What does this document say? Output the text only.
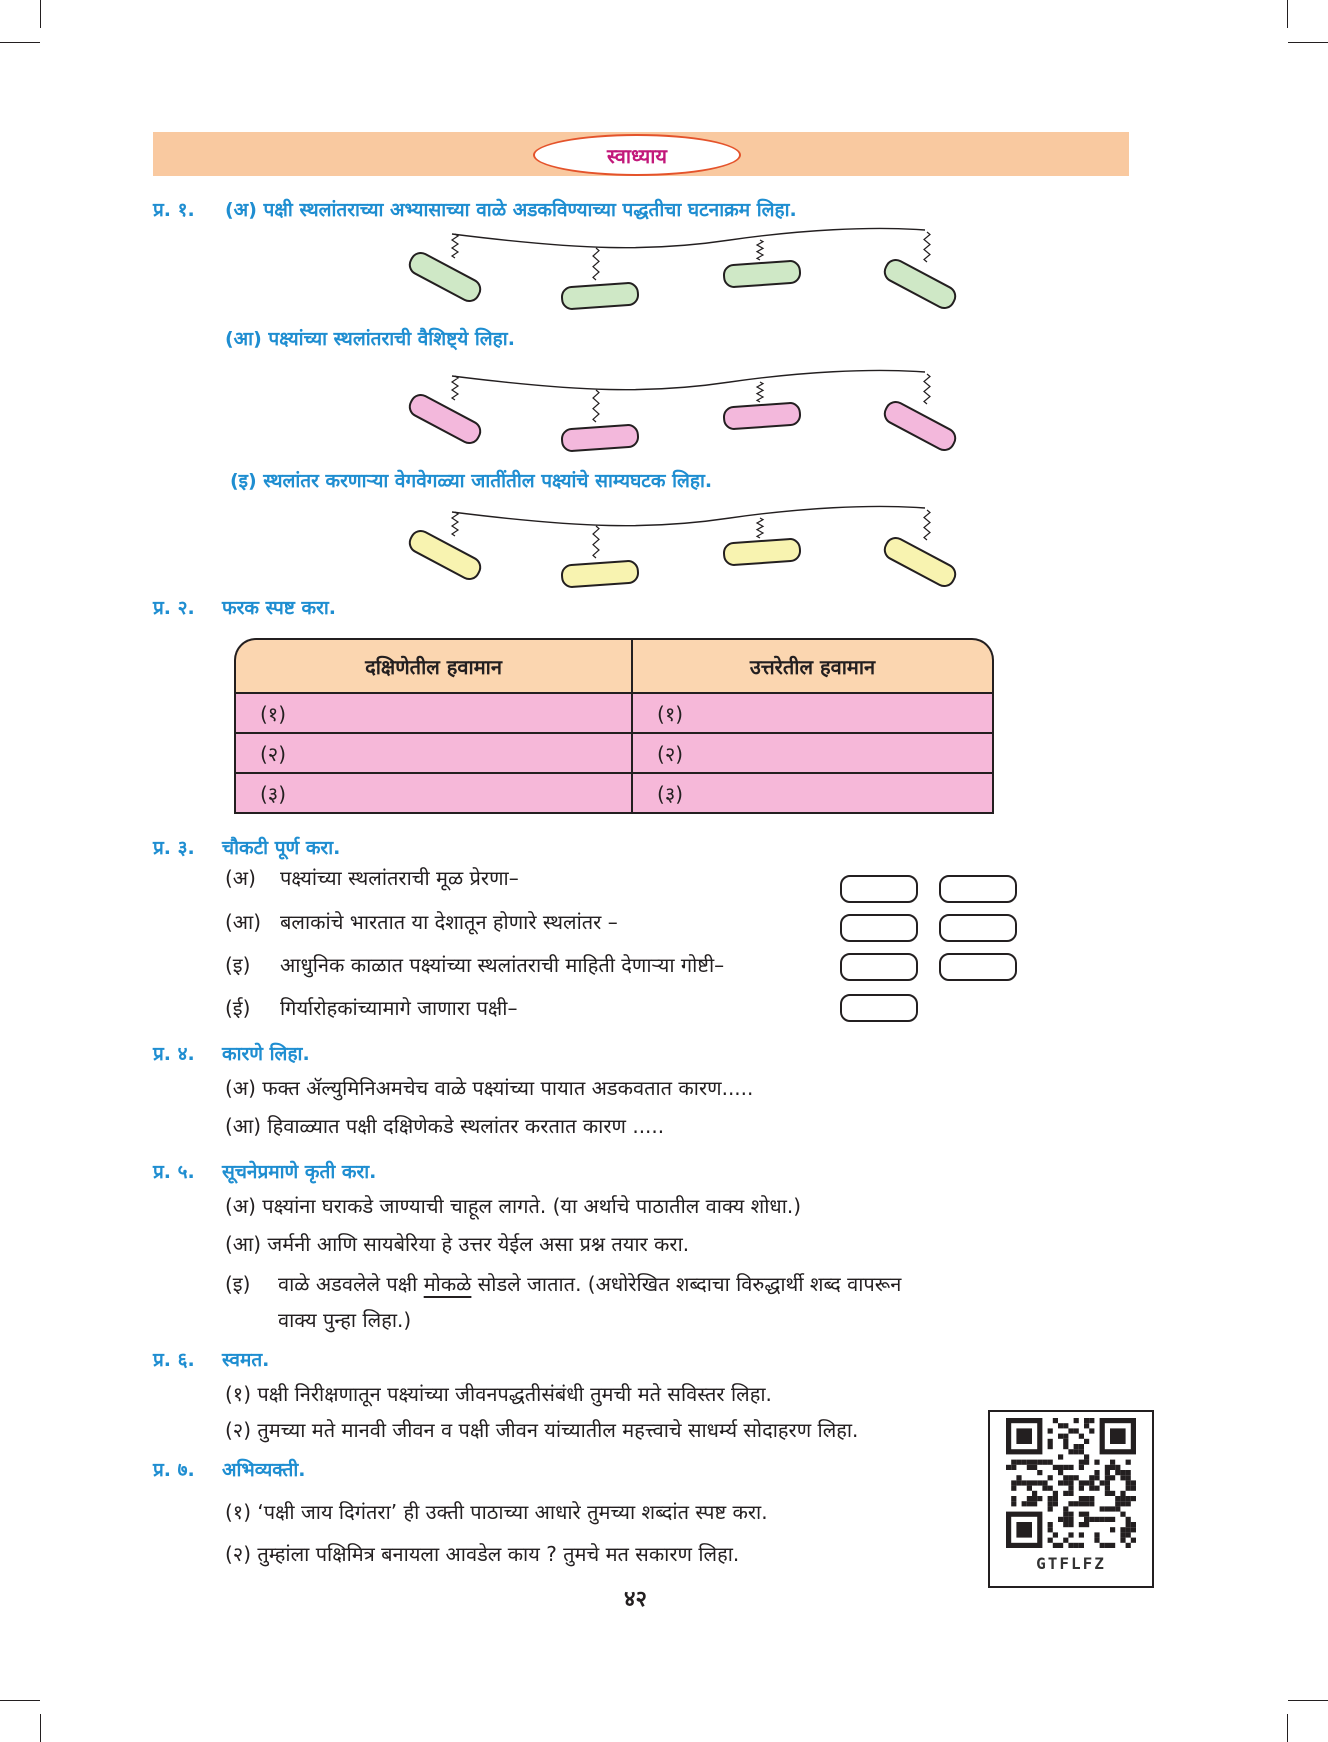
स्वाध्याय
प्र. १. (अ) पक्षी स्थलांतराच्या अभ्यासाच्या वाळे अडकविण्याच्या पद्धतीचा घटनाक्रम लिहा.
(आ) पक्ष्यांच्या स्थलांतराची वैशिष्ट्ये लिहा.
(इ) स्थलांतर करणाऱ्या वेगवेगळ्या जातींतील पक्ष्यांचे साम्यघटक लिहा.
प्र. २. फरक स्पष्ट करा.
दक्षिणेतील हवामान	उत्तरेतील हवामान
(१)	(१)
(२)	(२)
(३)	(३)
प्र. ३. चौकटी पूर्ण करा.
(अ) पक्ष्यांच्या स्थलांतराची मूळ प्रेरणा–
(आ) बलाकांचे भारतात या देशातून होणारे स्थलांतर –
(इ) आधुनिक काळात पक्ष्यांच्या स्थलांतराची माहिती देणाऱ्या गोष्टी–
(ई) गिर्यारोहकांच्यामागे जाणारा पक्षी–
प्र. ४. कारणे लिहा.
(अ) फक्त ॲल्युमिनिअमचेच वाळे पक्ष्यांच्या पायात अडकवतात कारण.....
(आ) हिवाळ्यात पक्षी दक्षिणेकडे स्थलांतर करतात कारण .....
प्र. ५. सूचनेप्रमाणे कृती करा.
(अ) पक्ष्यांना घराकडे जाण्याची चाहूल लागते. (या अर्थाचे पाठातील वाक्य शोधा.)
(आ) जर्मनी आणि सायबेरिया हे उत्तर येईल असा प्रश्न तयार करा.
(इ) वाळे अडवलेले पक्षी मोकळे सोडले जातात. (अधोरेखित शब्दाचा विरुद्धार्थी शब्द वापरून
वाक्य पुन्हा लिहा.)
प्र. ६. स्वमत.
(१) पक्षी निरीक्षणातून पक्ष्यांच्या जीवनपद्धतीसंबंधी तुमची मते सविस्तर लिहा.
(२) तुमच्या मते मानवी जीवन व पक्षी जीवन यांच्यातील महत्त्वाचे साधर्म्य सोदाहरण लिहा.
प्र. ७. अभिव्यक्ती.
(१) ‘पक्षी जाय दिगंतरा’ ही उक्ती पाठाच्या आधारे तुमच्या शब्दांत स्पष्ट करा.
(२) तुम्हांला पक्षिमित्र बनायला आवडेल काय ? तुमचे मत सकारण लिहा.	GTFLFZ
४२
